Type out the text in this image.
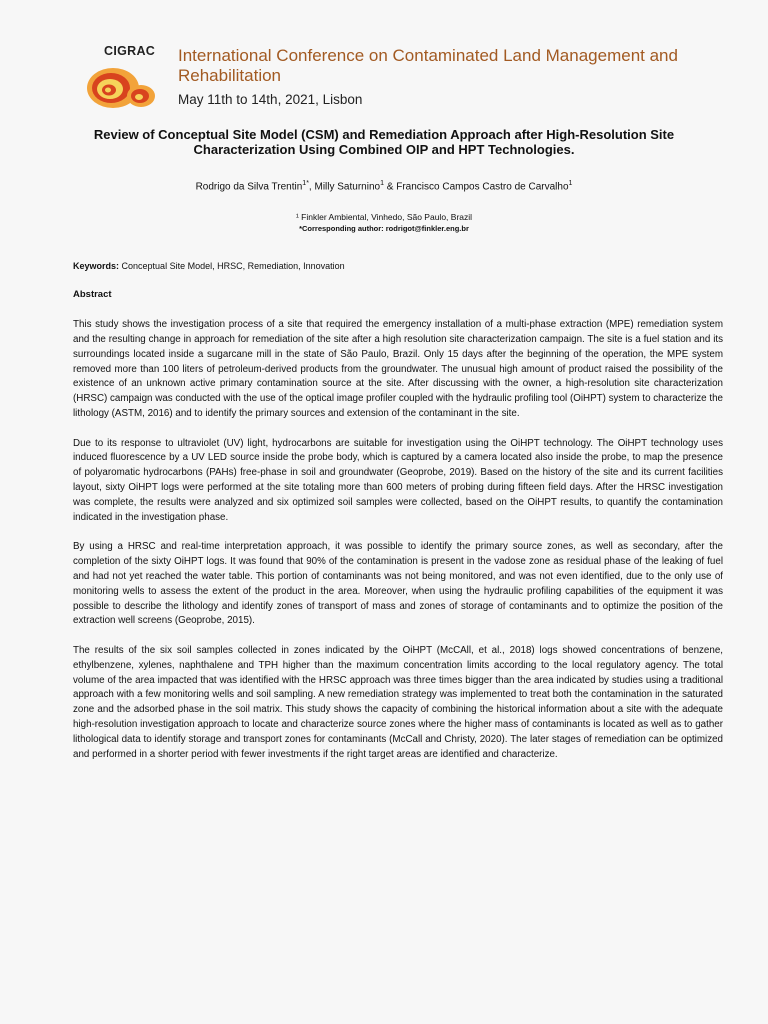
CIGRAC International Conference on Contaminated Land Management and Rehabilitation
May 11th to 14th, 2021, Lisbon
Review of Conceptual Site Model (CSM) and Remediation Approach after High-Resolution Site Characterization Using Combined OIP and HPT Technologies.
Rodrigo da Silva Trentin$^{1*}$, Milly Saturnino$^1$ & Francisco Campos Castro de Carvalho$^1$
¹ Finkler Ambiental, Vinhedo, São Paulo, Brazil
*Corresponding author: rodrigot@finkler.eng.br
Keywords: Conceptual Site Model, HRSC, Remediation, Innovation
Abstract

This study shows the investigation process of a site that required the emergency installation of a multi-phase extraction (MPE) remediation system and the resulting change in approach for remediation of the site after a high resolution site characterization campaign. The site is a fuel station and its surroundings located inside a sugarcane mill in the state of São Paulo, Brazil. Only 15 days after the beginning of the operation, the MPE system removed more than 100 liters of petroleum-derived products from the groundwater. The unusual high amount of product raised the possibility of the existence of an unknown active primary contamination source at the site. After discussing with the owner, a high-resolution site characterization (HRSC) campaign was conducted with the use of the optical image profiler coupled with the hydraulic profiling tool (OiHPT) system to characterize the lithology (ASTM, 2016) and to identify the primary sources and extension of the contaminant in the site.

Due to its response to ultraviolet (UV) light, hydrocarbons are suitable for investigation using the OiHPT technology. The OiHPT technology uses induced fluorescence by a UV LED source inside the probe body, which is captured by a camera located also inside the probe, to map the presence of polyaromatic hydrocarbons (PAHs) free-phase in soil and groundwater (Geoprobe, 2019). Based on the history of the site and its current facilities layout, sixty OiHPT logs were performed at the site totaling more than 600 meters of probing during fifteen field days. After the HRSC investigation was complete, the results were analyzed and six optimized soil samples were collected, based on the OiHPT results, to quantify the contamination indicated in the investigation phase.

By using a HRSC and real-time interpretation approach, it was possible to identify the primary source zones, as well as secondary, after the completion of the sixty OiHPT logs. It was found that 90% of the contamination is present in the vadose zone as residual phase of the leaking of fuel and had not yet reached the water table. This portion of contaminants was not being monitored, and was not even identified, due to the only use of monitoring wells to assess the extent of the product in the area. Moreover, when using the hydraulic profiling capabilities of the equipment it was possible to describe the lithology and identify zones of transport of mass and zones of storage of contaminants and to optimize the position of the extraction well screens (Geoprobe, 2015).

The results of the six soil samples collected in zones indicated by the OiHPT (McCAll, et al., 2018) logs showed concentrations of benzene, ethylbenzene, xylenes, naphthalene and TPH higher than the maximum concentration limits according to the local regulatory agency. The total volume of the area impacted that was identified with the HRSC approach was three times bigger than the area indicated by studies using a traditional approach with a few monitoring wells and soil sampling. A new remediation strategy was implemented to treat both the contamination in the saturated zone and the adsorbed phase in the soil matrix. This study shows the capacity of combining the historical information about a site with the adequate high-resolution investigation approach to locate and characterize source zones where the higher mass of contaminants is located as well as to gather lithological data to identify storage and transport zones for contaminants (McCall and Christy, 2020). The later stages of remediation can be optimized and performed in a shorter period with fewer investments if the right target areas are identified and characterize.
